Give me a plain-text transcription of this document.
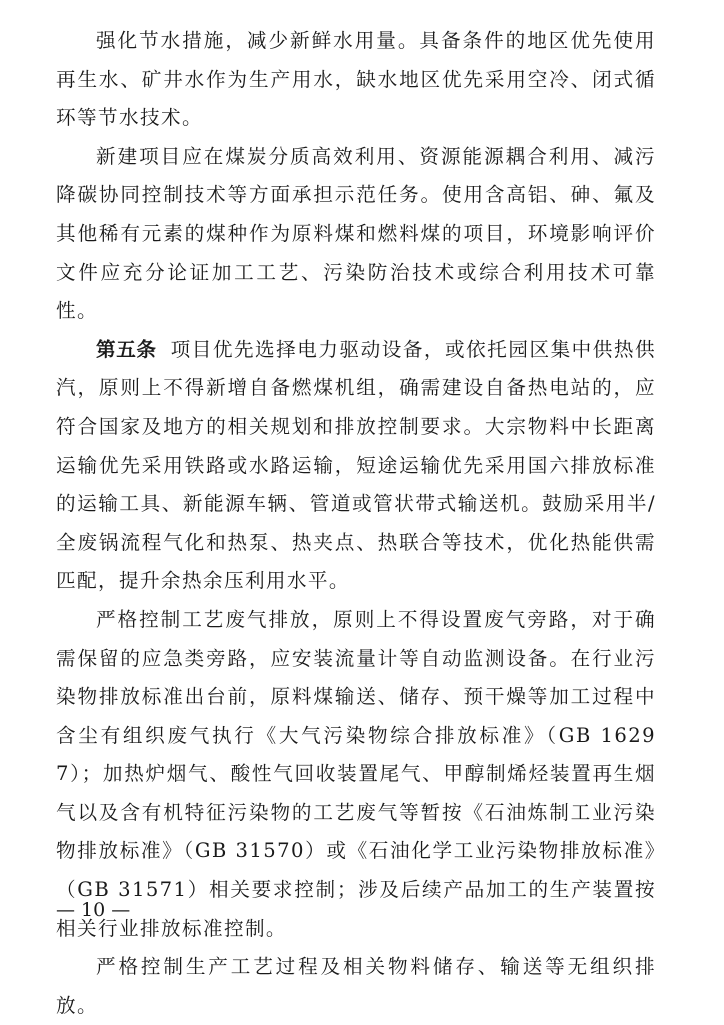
强化节水措施，减少新鲜水用量。具备条件的地区优先使用再生水、矿井水作为生产用水，缺水地区优先采用空冷、闭式循环等节水技术。

新建项目应在煤炭分质高效利用、资源能源耦合利用、减污降碳协同控制技术等方面承担示范任务。使用含高铝、砷、氟及其他稀有元素的煤种作为原料煤和燃料煤的项目，环境影响评价文件应充分论证加工工艺、污染防治技术或综合利用技术可靠性。

第五条 项目优先选择电力驱动设备，或依托园区集中供热供汽，原则上不得新增自备燃煤机组，确需建设自备热电站的，应符合国家及地方的相关规划和排放控制要求。大宗物料中长距离运输优先采用铁路或水路运输，短途运输优先采用国六排放标准的运输工具、新能源车辆、管道或管状带式输送机。鼓励采用半/全废锅流程气化和热泵、热夹点、热联合等技术，优化热能供需匹配，提升余热余压利用水平。

严格控制工艺废气排放，原则上不得设置废气旁路，对于确需保留的应急类旁路，应安装流量计等自动监测设备。在行业污染物排放标准出台前，原料煤输送、储存、预干燥等加工过程中含尘有组织废气执行《大气污染物综合排放标准》（GB 16297）；加热炉烟气、酸性气回收装置尾气、甲醇制烯烃装置再生烟气以及含有机特征污染物的工艺废气等暂按《石油炼制工业污染物排放标准》（GB 31570）或《石油化学工业污染物排放标准》（GB 31571）相关要求控制；涉及后续产品加工的生产装置按相关行业排放标准控制。

严格控制生产工艺过程及相关物料储存、输送等无组织排放。

— 10 —
